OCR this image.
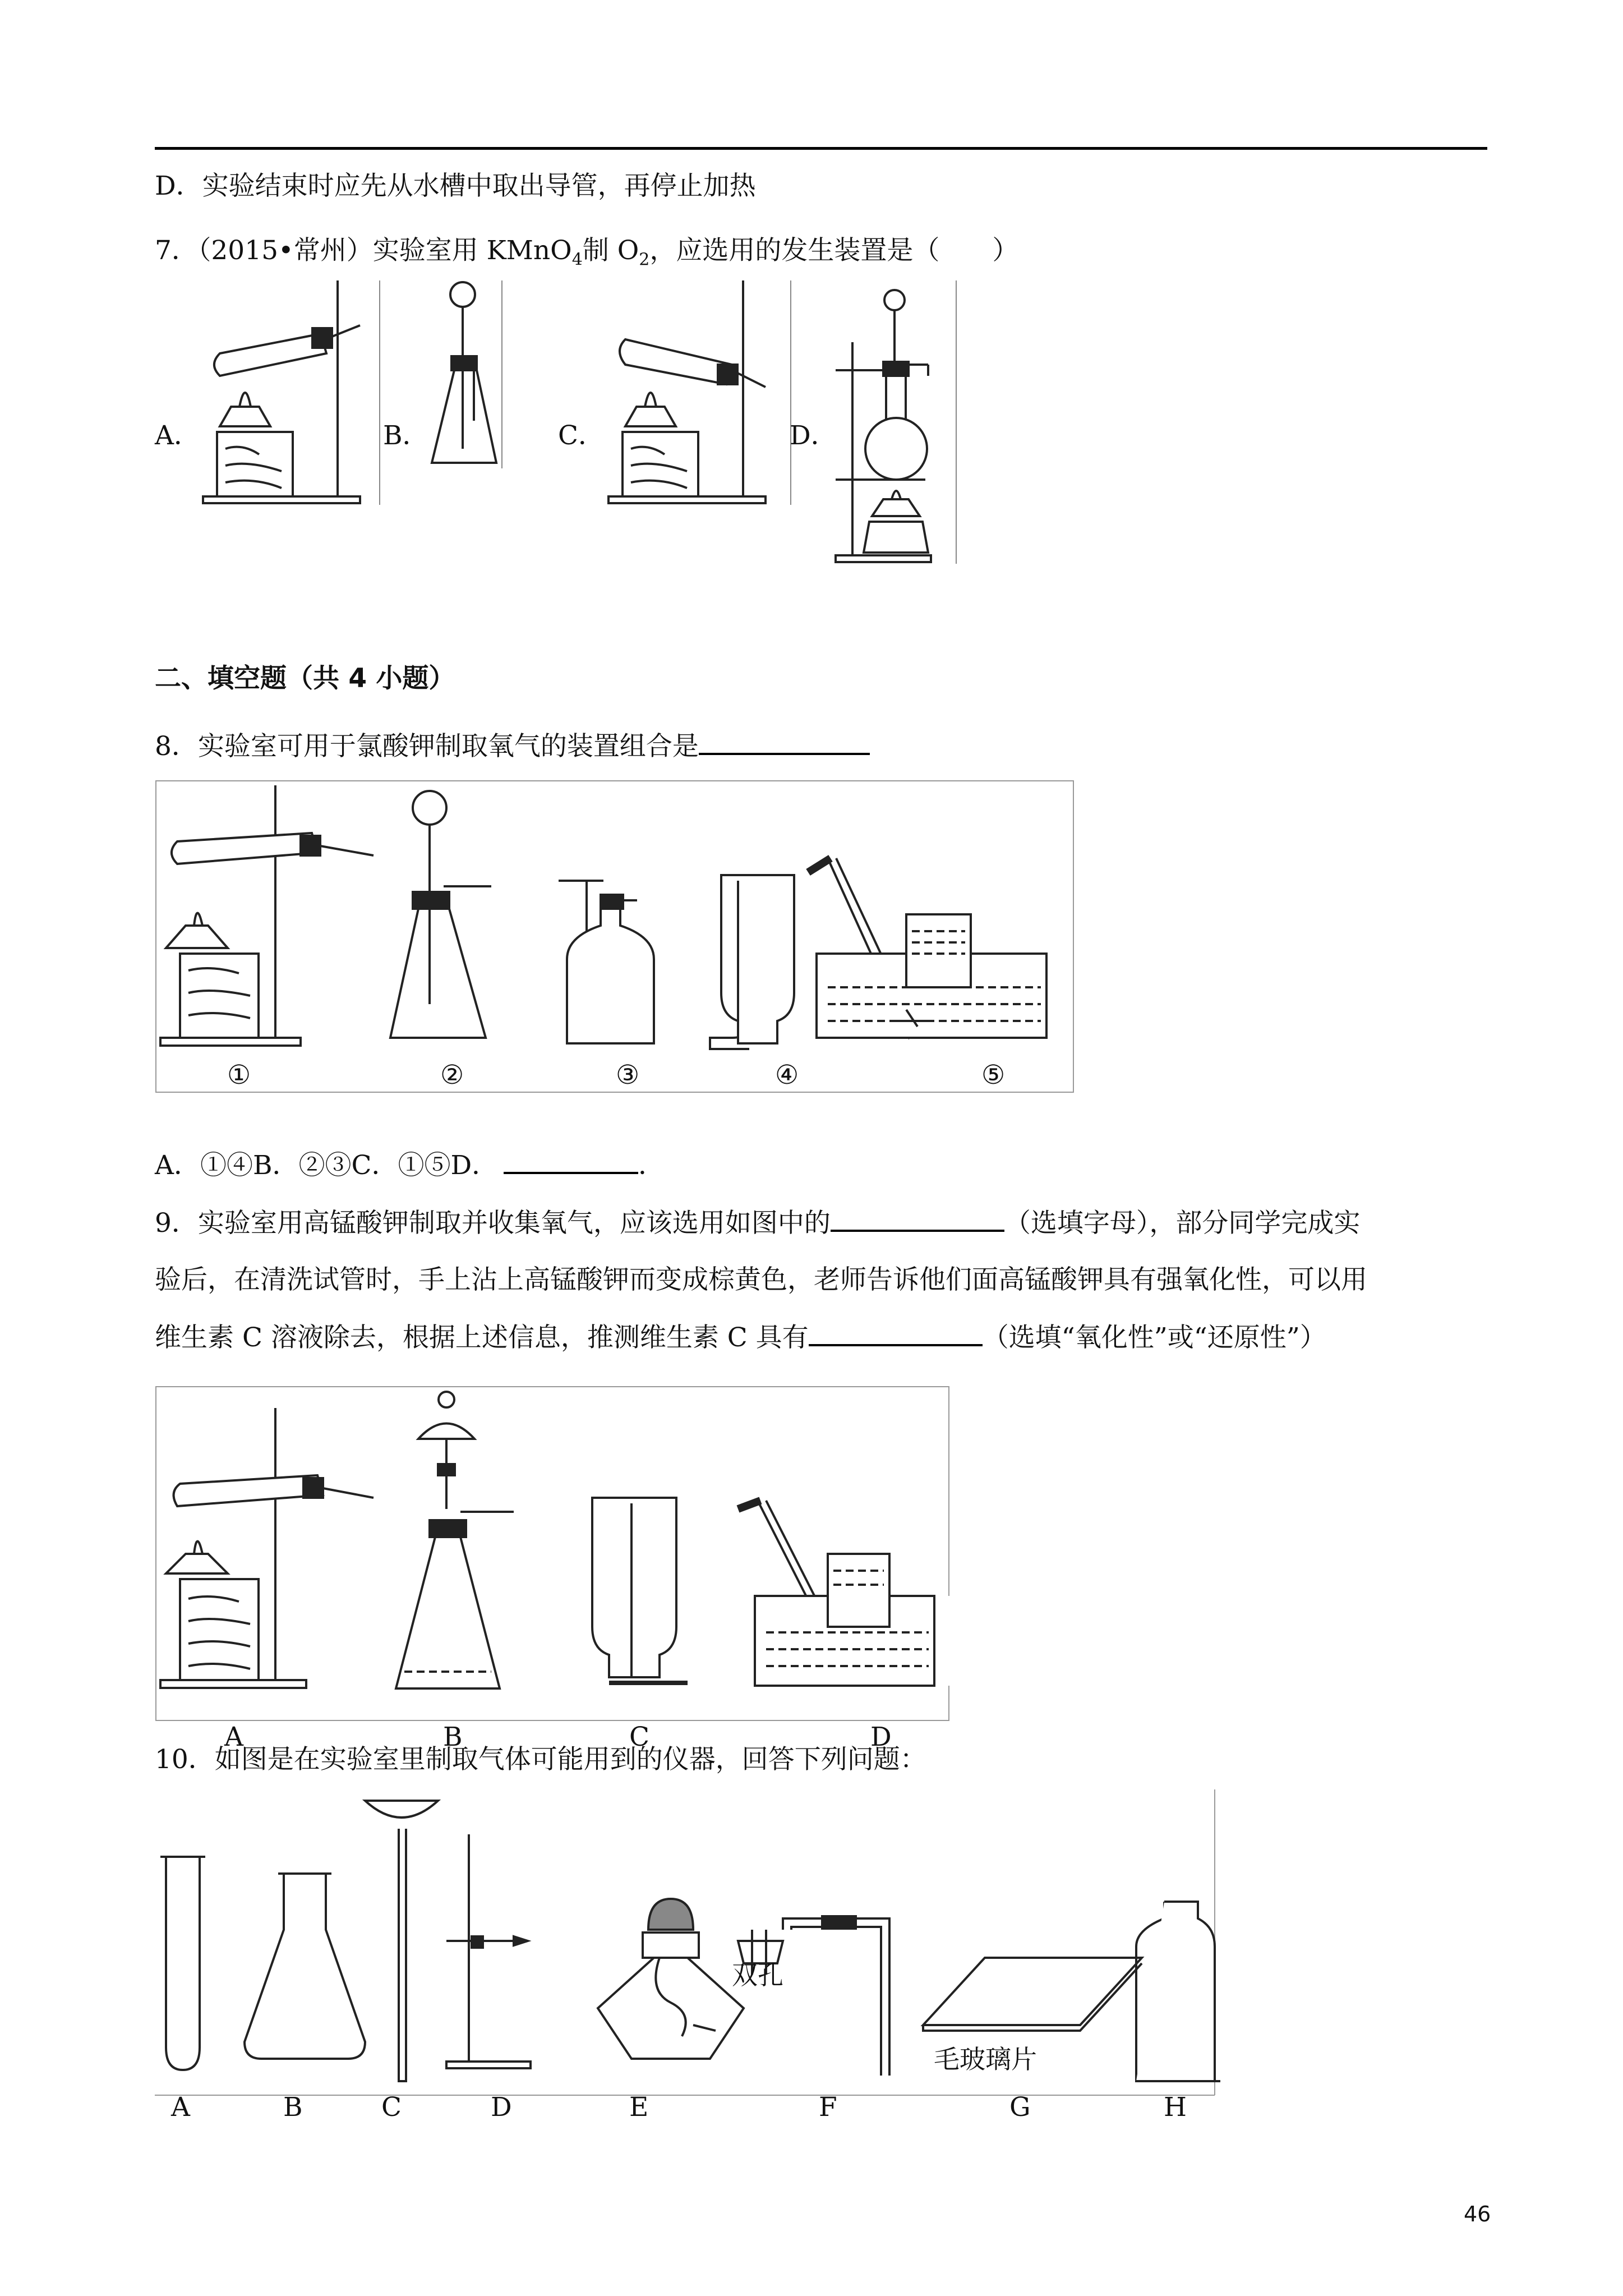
D．实验结束时应先从水槽中取出导管，再停止加热
7．（2015•常州）实验室用 KMnO$_4$制 $O_2$，应选用的发生装置是（　　）
A．	B．	C．	D．
二、填空题（共 4 小题）
8．实验室可用于氯酸钾制取氧气的装置组合是
①	②	③	④	⑤
A．①④B．②③C．①⑤D．	．
9．实验室用高锰酸钾制取并收集氧气，应该选用如图中的	（选填字母），部分同学完成实
验后，在清洗试管时，手上沾上高锰酸钾而变成棕黄色，老师告诉他们面高锰酸钾具有强氧化性，可以用
维生素 C 溶液除去，根据上述信息，推测维生素 C 具有	（选填“氧化性”或“还原性”）
A	B	C	D
10．如图是在实验室里制取气体可能用到的仪器，回答下列问题：
双孔
毛玻璃片
A	B	C	D	E	F	G	H
46
